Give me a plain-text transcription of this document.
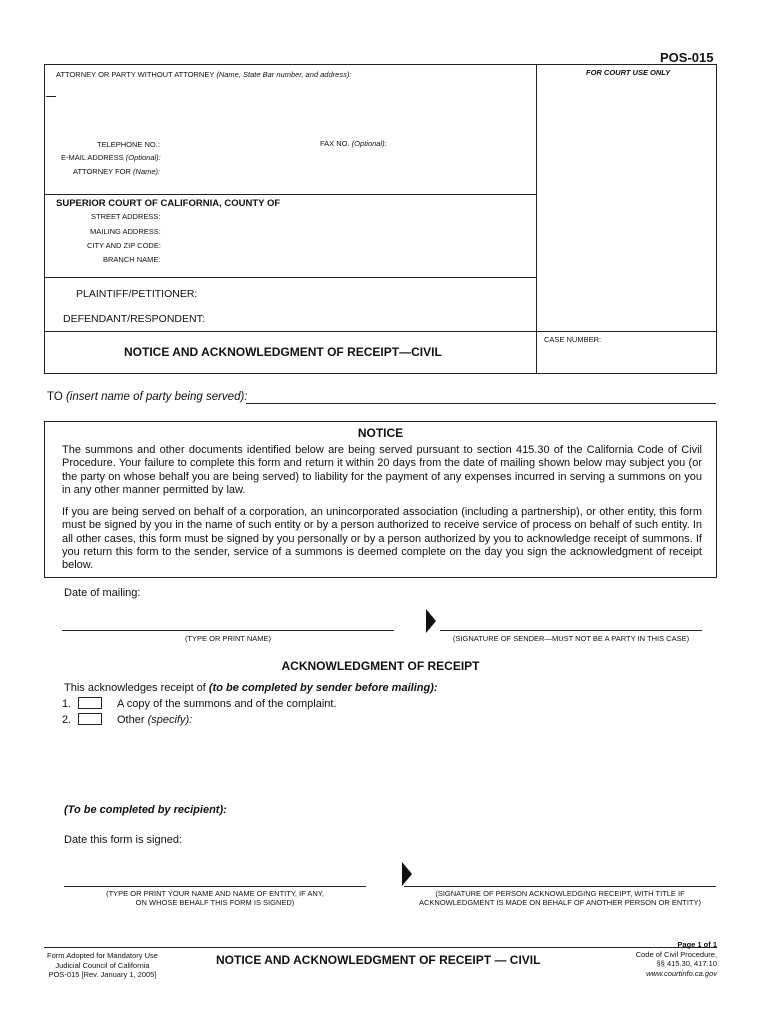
POS-015
ATTORNEY OR PARTY WITHOUT ATTORNEY (Name, State Bar number, and address):	FOR COURT USE ONLY
TELEPHONE NO.:	FAX NO. (Optional):
E-MAIL ADDRESS (Optional):
ATTORNEY FOR (Name):
SUPERIOR COURT OF CALIFORNIA, COUNTY OF
STREET ADDRESS:
MAILING ADDRESS:
CITY AND ZIP CODE:
BRANCH NAME:
PLAINTIFF/PETITIONER:
DEFENDANT/RESPONDENT:
NOTICE AND ACKNOWLEDGMENT OF RECEIPT—CIVIL
CASE NUMBER:
TO (insert name of party being served):
NOTICE
The summons and other documents identified below are being served pursuant to section 415.30 of the California Code of Civil Procedure. Your failure to complete this form and return it within 20 days from the date of mailing shown below may subject you (or the party on whose behalf you are being served) to liability for the payment of any expenses incurred in serving a summons on you in any other manner permitted by law.
If you are being served on behalf of a corporation, an unincorporated association (including a partnership), or other entity, this form must be signed by you in the name of such entity or by a person authorized to receive service of process on behalf of such entity. In all other cases, this form must be signed by you personally or by a person authorized by you to acknowledge receipt of summons. If you return this form to the sender, service of a summons is deemed complete on the day you sign the acknowledgment of receipt below.
Date of mailing:
(TYPE OR PRINT NAME)	(SIGNATURE OF SENDER—MUST NOT BE A PARTY IN THIS CASE)
ACKNOWLEDGMENT OF RECEIPT
This acknowledges receipt of (to be completed by sender before mailing):
1.	A copy of the summons and of the complaint.
2.	Other (specify):
(To be completed by recipient):
Date this form is signed:
(TYPE OR PRINT YOUR NAME AND NAME OF ENTITY, IF ANY,
ON WHOSE BEHALF THIS FORM IS SIGNED)
(SIGNATURE OF PERSON ACKNOWLEDGING RECEIPT, WITH TITLE IF
ACKNOWLEDGMENT IS MADE ON BEHALF OF ANOTHER PERSON OR ENTITY)
Form Adopted for Mandatory Use
Judicial Council of California
POS-015 [Rev. January 1, 2005]
NOTICE AND ACKNOWLEDGMENT OF RECEIPT — CIVIL
Page 1 of 1
Code of Civil Procedure,
§§ 415.30, 417.10
www.courtinfo.ca.gov
